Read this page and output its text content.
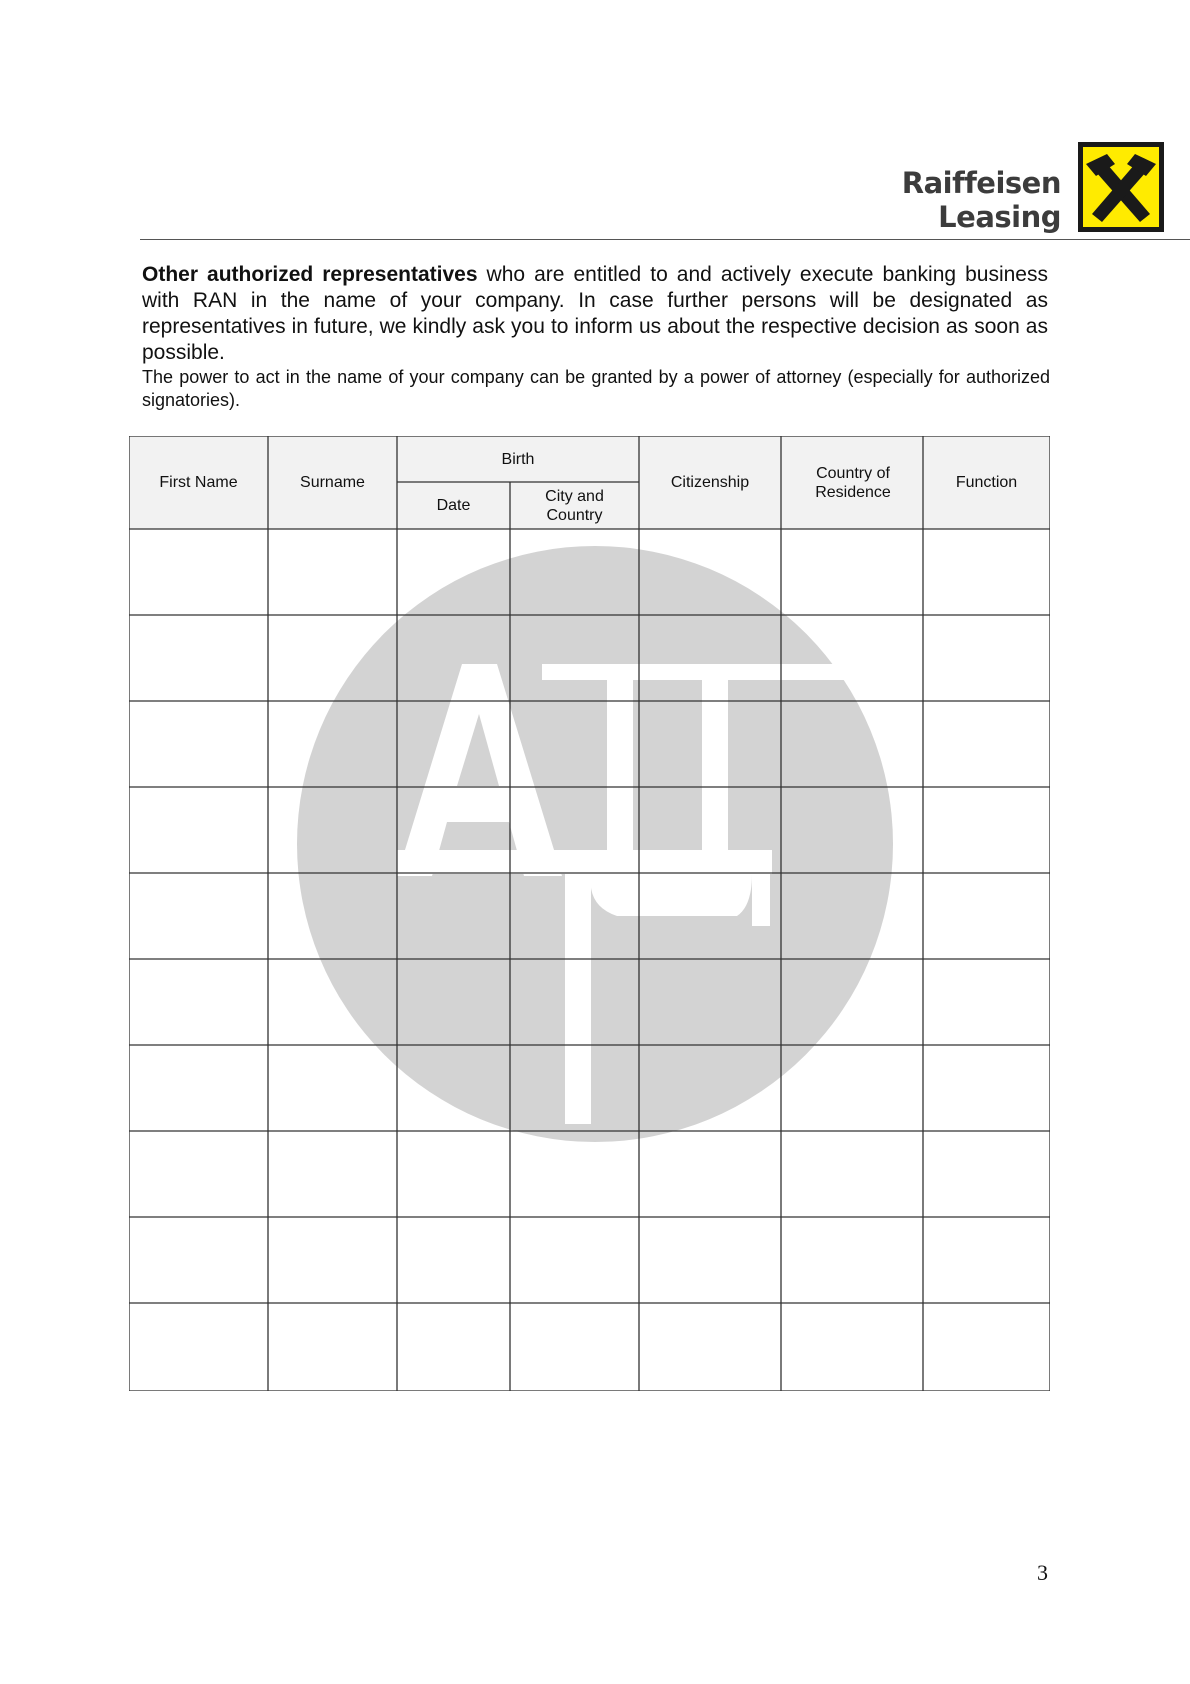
Raiffeisen
Leasing

Other authorized representatives who are entitled to and actively execute banking business with RAN in the name of your company. In case further persons will be designated as representatives in future, we kindly ask you to inform us about the respective decision as soon as possible.

The power to act in the name of your company can be granted by a power of attorney (especially for authorized signatories).

First Name	Surname
Birth
Date
City and Country
Citizenship
Country of Residence
Function
3
